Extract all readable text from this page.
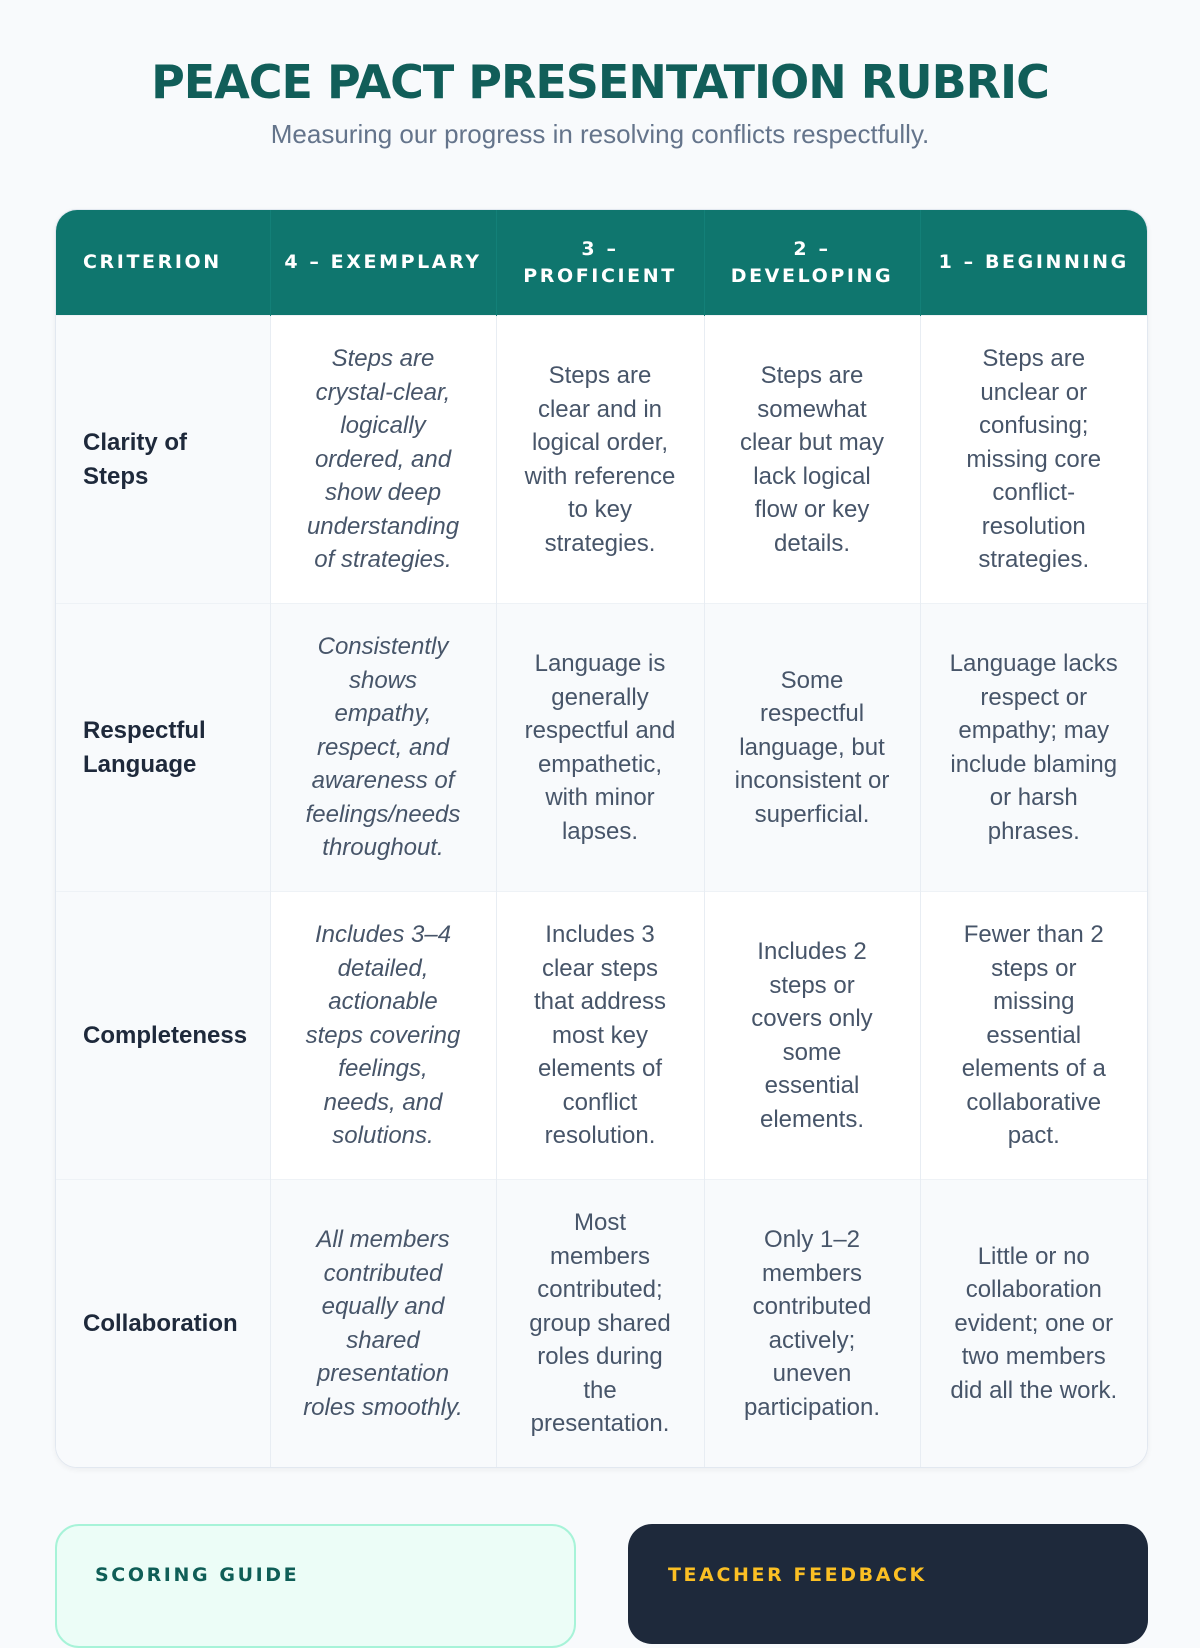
PEACE PACT PRESENTATION RUBRIC
Measuring our progress in resolving conflicts respectfully.
CRITERION	4 – EXEMPLARY	3 – PROFICIENT	2 – DEVELOPING	1 – BEGINNING
Clarity of Steps	Steps are crystal-clear, logically ordered, and show deep understanding of strategies.	Steps are clear and in logical order, with reference to key strategies.	Steps are somewhat clear but may lack logical flow or key details.	Steps are unclear or confusing; missing core conflict-resolution strategies.
Respectful Language	Consistently shows empathy, respect, and awareness of feelings/needs throughout.	Language is generally respectful and empathetic, with minor lapses.	Some respectful language, but inconsistent or superficial.	Language lacks respect or empathy; may include blaming or harsh phrases.
Completeness	Includes 3–4 detailed, actionable steps covering feelings, needs, and solutions.	Includes 3 clear steps that address most key elements of conflict resolution.	Includes 2 steps or covers only some essential elements.	Fewer than 2 steps or missing essential elements of a collaborative pact.
Collaboration	All members contributed equally and shared presentation roles smoothly.	Most members contributed; group shared roles during the presentation.	Only 1–2 members contributed actively; uneven participation.	Little or no collaboration evident; one or two members did all the work.
SCORING GUIDE	TEACHER FEEDBACK
